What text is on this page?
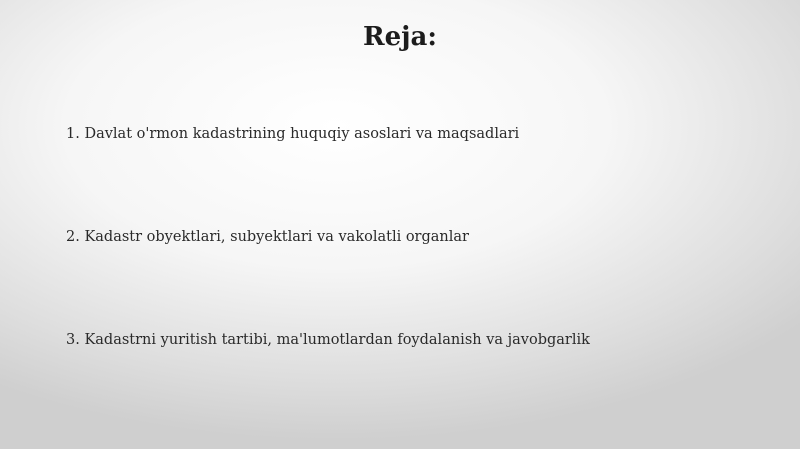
Reja:
1. Davlat o'rmon kadastrining huquqiy asoslari va maqsadlari
2. Kadastr obyektlari, subyektlari va vakolatli organlar
3. Kadastrni yuritish tartibi, ma'lumotlardan foydalanish va javobgarlik
